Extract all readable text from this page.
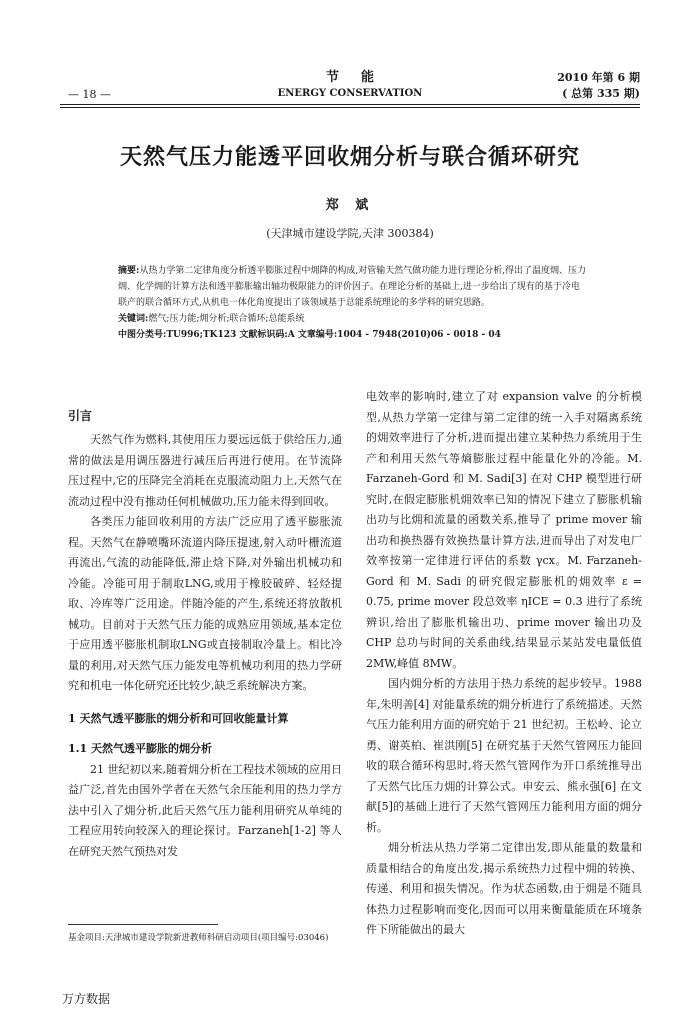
— 18 —
节能
ENERGY CONSERVATION
2010 年第 6 期
( 总第 335 期)
天然气压力能透平回收㶲分析与联合循环研究
郑 斌
(天津城市建设学院,天津 300384)
摘要:从热力学第二定律角度分析透平膨胀过程中㶲降的构成,对管输天然气做功能力进行理论分析,得出了温度㶲、压力㶲、化学㶲的计算方法和透平膨胀输出轴功极限能力的评价因子。在理论分析的基础上,进一步给出了现有的基于冷电联产的联合循环方式,从机电一体化角度提出了该领域基于总能系统理论的多学科的研究思路。
关键词:燃气;压力能;㶲分析;联合循环;总能系统
中图分类号:TU996;TK123 文献标识码:A 文章编号:1004 - 7948(2010)06 - 0018 - 04
引言

天然气作为燃料,其使用压力要远远低于供给压力,通常的做法是用调压器进行减压后再进行使用。在节流降压过程中,它的压降完全消耗在克服流动阻力上,天然气在流动过程中没有推动任何机械做功,压力能未得到回收。

各类压力能回收利用的方法广泛应用了透平膨胀流程。天然气在静喷嘴环流道内降压提速,射入动叶栅流道再流出,气流的动能降低,滞止焓下降,对外输出机械功和冷能。冷能可用于制取LNG,或用于橡胶破碎、轻烃提取、冷库等广泛用途。伴随冷能的产生,系统还将放散机械功。目前对于天然气压力能的成熟应用领域,基本定位于应用透平膨胀机制取LNG或直接制取冷量上。相比冷量的利用,对天然气压力能发电等机械功利用的热力学研究和机电一体化研究还比较少,缺乏系统解决方案。

1 天然气透平膨胀的㶲分析和可回收能量计算
1.1 天然气透平膨胀的㶲分析

21 世纪初以来,随着㶲分析在工程技术领域的应用日益广泛,首先由国外学者在天然气余压能利用的热力学方法中引入了㶲分析,此后天然气压力能利用研究从单纯的工程应用转向较深入的理论探讨。Farzaneh[1-2] 等人在研究天然气预热对发

电效率的影响时,建立了对 expansion valve 的分析模型,从热力学第一定律与第二定律的统一入手对隔离系统的㶲效率进行了分析,进而提出建立某种热力系统用于生产和利用天然气等熵膨胀过程中能量化外的冷能。M. Farzaneh-Gord 和 M. Sadi[3] 在对 CHP 模型进行研究时,在假定膨胀机㶲效率已知的情况下建立了膨胀机输出功与比㶲和流量的函数关系,推导了 prime mover 输出功和换热器有效换热量计算方法,进而导出了对发电厂效率按第一定律进行评估的系数 γcx。M. Farzaneh-Gord 和 M. Sadi 的研究假定膨胀机的㶲效率 ε = 0.75, prime mover 段总效率 ηICE = 0.3 进行了系统辨识,给出了膨胀机输出功、prime mover 输出功及 CHP 总功与时间的关系曲线,结果显示某站发电量低值 2MW,峰值 8MW。

国内㶲分析的方法用于热力系统的起步较早。1988 年,朱明善[4] 对能量系统的㶲分析进行了系统描述。天然气压力能利用方面的研究始于 21 世纪初。王松岭、论立勇、谢英柏、崔洪刚[5] 在研究基于天然气管网压力能回收的联合循环构思时,将天然气管网作为开口系统推导出了天然气比压力㶲的计算公式。申安云、熊永强[6] 在文献[5]的基础上进行了天然气管网压力能利用方面的㶲分析。

㶲分析法从热力学第二定律出发,即从能量的数量和质量相结合的角度出发,揭示系统热力过程中㶲的转换、传递、利用和损失情况。作为状态函数,由于㶲是不随具体热力过程影响而变化,因而可以用来衡量能质在环境条件下所能做出的最大

基金项目:天津城市建设学院新进教师科研启动项目(项目编号:03046)
万方数据
